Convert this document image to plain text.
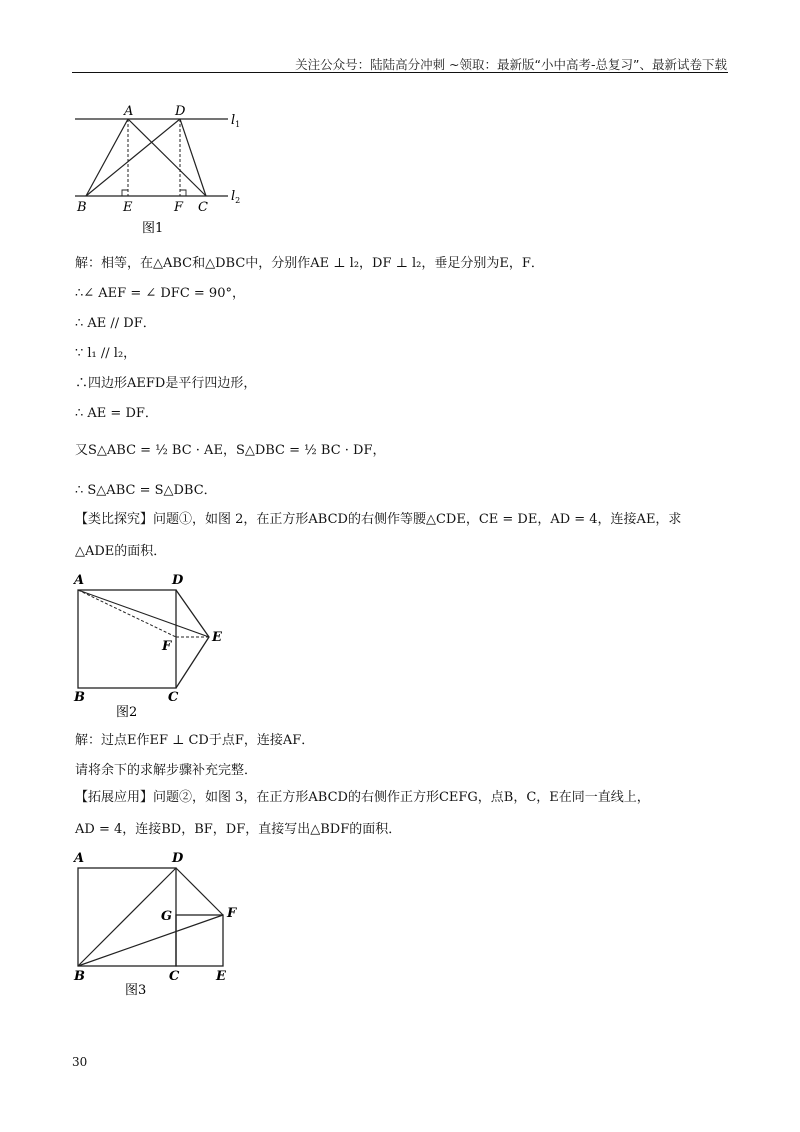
关注公众号：陆陆高分冲刺 ~领取：最新版“小中高考-总复习”、最新试卷下载
A	D
B	E	F C
$l_1$
$l_2$
图1
解：相等，在△ABC和△DBC中，分别作AE ⊥ l₂，DF ⊥ l₂，垂足分别为E，F．
∴∠ AEF = ∠ DFC = 90°，
∴ AE // DF．
∵ l₁ // l₂，
∴四边形AEFD是平行四边形，
∴ AE = DF．
又S△ABC = ½ BC · AE，S△DBC = ½ BC · DF，
∴ S△ABC = S△DBC．
【类比探究】问题①，如图 2，在正方形ABCD的右侧作等腰△CDE，CE = DE，AD = 4，连接AE，求
△ADE的面积．
A	D
E
F
B	C
图2
解：过点E作EF ⊥ CD于点F，连接AF．
请将余下的求解步骤补充完整．
【拓展应用】问题②，如图 3，在正方形ABCD的右侧作正方形CEFG，点B，C，E在同一直线上，
AD = 4，连接BD，BF，DF，直接写出△BDF的面积．
A	D
G	F
B	C	E
图3
30
